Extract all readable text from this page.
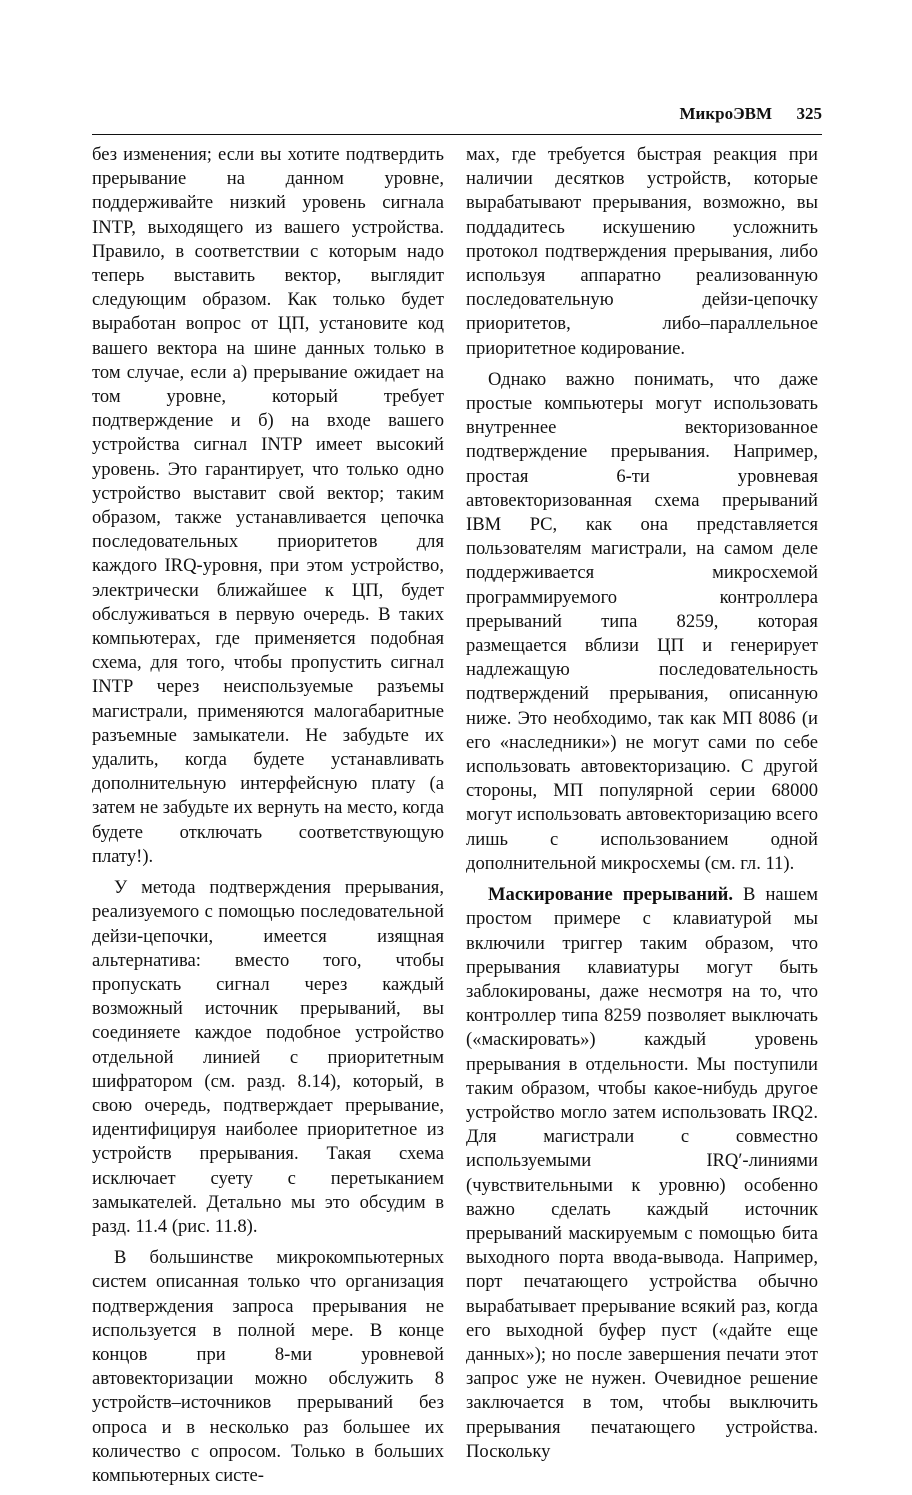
МикроЭВМ 325

без изменения; если вы хотите подтвердить прерывание на данном уровне, поддерживайте низкий уровень сигнала INTP, выходящего из вашего устройства. Правило, в соответствии с которым надо теперь выставить вектор, выглядит следующим образом. Как только будет выработан вопрос от ЦП, установите код вашего вектора на шине данных только в том случае, если а) прерывание ожидает на том уровне, который требует подтверждение и б) на входе вашего устройства сигнал INTP имеет высокий уровень. Это гарантирует, что только одно устройство выставит свой вектор; таким образом, также устанавливается цепочка последовательных приоритетов для каждого IRQ-уровня, при этом устройство, электрически ближайшее к ЦП, будет обслуживаться в первую очередь. В таких компьютерах, где применяется подобная схема, для того, чтобы пропустить сигнал INTP через неиспользуемые разъемы магистрали, применяются малогабаритные разъемные замыкатели. Не забудьте их удалить, когда будете устанавливать дополнительную интерфейсную плату (а затем не забудьте их вернуть на место, когда будете отключать соответствующую плату!).

У метода подтверждения прерывания, реализуемого с помощью последовательной дейзи-цепочки, имеется изящная альтернатива: вместо того, чтобы пропускать сигнал через каждый возможный источник прерываний, вы соединяете каждое подобное устройство отдельной линией с приоритетным шифратором (см. разд. 8.14), который, в свою очередь, подтверждает прерывание, идентифицируя наиболее приоритетное из устройств прерывания. Такая схема исключает суету с перетыканием замыкателей. Детально мы это обсудим в разд. 11.4 (рис. 11.8).

В большинстве микрокомпьютерных систем описанная только что организация подтверждения запроса прерывания не используется в полной мере. В конце концов при 8-ми уровневой автовекторизации можно обслужить 8 устройств–источников прерываний без опроса и в несколько раз большее их количество с опросом. Только в больших компьютерных систе-

мах, где требуется быстрая реакция при наличии десятков устройств, которые вырабатывают прерывания, возможно, вы поддадитесь искушению усложнить протокол подтверждения прерывания, либо используя аппаратно реализованную последовательную дейзи-цепочку приоритетов, либо–параллельное приоритетное кодирование.

Однако важно понимать, что даже простые компьютеры могут использовать внутреннее векторизованное подтверждение прерывания. Например, простая 6-ти уровневая автовекторизованная схема прерываний IBM PC, как она представляется пользователям магистрали, на самом деле поддерживается микросхемой программируемого контроллера прерываний типа 8259, которая размещается вблизи ЦП и генерирует надлежащую последовательность подтверждений прерывания, описанную ниже. Это необходимо, так как МП 8086 (и его «наследники») не могут сами по себе использовать автовекторизацию. С другой стороны, МП популярной серии 68000 могут использовать автовекторизацию всего лишь с использованием одной дополнительной микросхемы (см. гл. 11).

Маскирование прерываний. В нашем простом примере с клавиатурой мы включили триггер таким образом, что прерывания клавиатуры могут быть заблокированы, даже несмотря на то, что контроллер типа 8259 позволяет выключать («маскировать») каждый уровень прерывания в отдельности. Мы поступили таким образом, чтобы какое-нибудь другое устройство могло затем использовать IRQ2. Для магистрали с совместно используемыми IRQ′-линиями (чувствительными к уровню) особенно важно сделать каждый источник прерываний маскируемым с помощью бита выходного порта ввода-вывода. Например, порт печатающего устройства обычно вырабатывает прерывание всякий раз, когда его выходной буфер пуст («дайте еще данных»); но после завершения печати этот запрос уже не нужен. Очевидное решение заключается в том, чтобы выключить прерывания печатающего устройства. Поскольку
